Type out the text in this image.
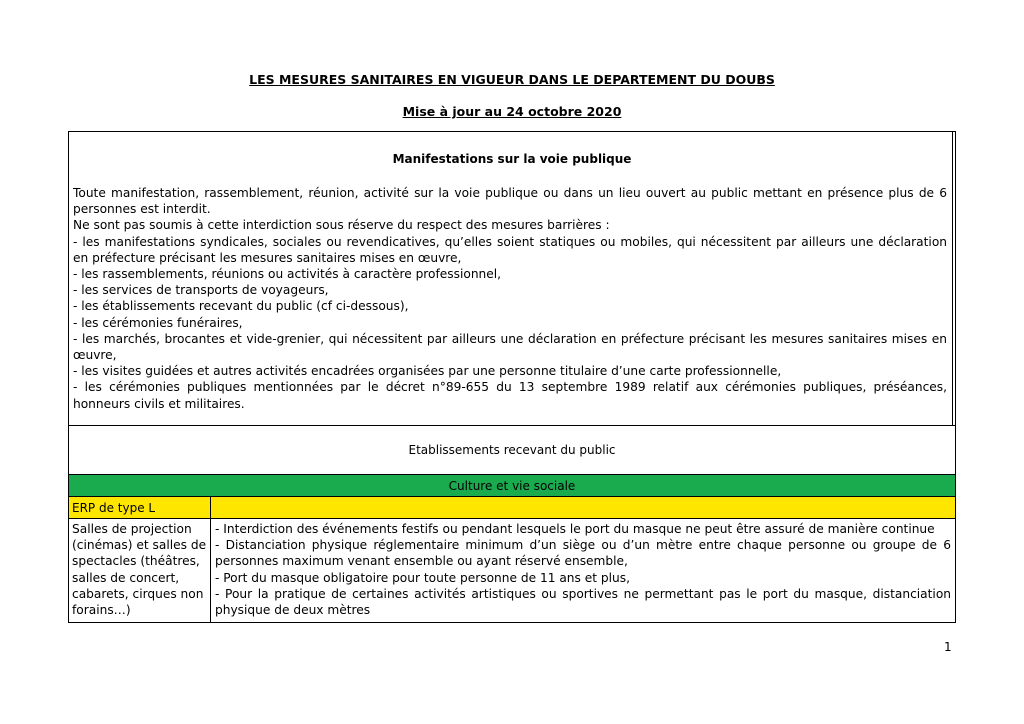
LES MESURES SANITAIRES EN VIGUEUR DANS LE DEPARTEMENT DU DOUBS
Mise à jour au 24 octobre 2020
Manifestations sur la voie publique
Toute manifestation, rassemblement, réunion, activité sur la voie publique ou dans un lieu ouvert au public mettant en présence plus de 6 personnes est interdit.
Ne sont pas soumis à cette interdiction sous réserve du respect des mesures barrières :
- les manifestations syndicales, sociales ou revendicatives, qu’elles soient statiques ou mobiles, qui nécessitent par ailleurs une déclaration en préfecture précisant les mesures sanitaires mises en œuvre,
- les rassemblements, réunions ou activités à caractère professionnel,
- les services de transports de voyageurs,
- les établissements recevant du public (cf ci-dessous),
- les cérémonies funéraires,
- les marchés, brocantes et vide-grenier, qui nécessitent par ailleurs une déclaration en préfecture précisant les mesures sanitaires mises en œuvre,
- les visites guidées et autres activités encadrées organisées par une personne titulaire d’une carte professionnelle,
- les cérémonies publiques mentionnées par le décret n°89-655 du 13 septembre 1989 relatif aux cérémonies publiques, préséances, honneurs civils et militaires.
Etablissements recevant du public
Culture et vie sociale
ERP de type L
Salles de projection (cinémas) et salles de spectacles (théâtres, salles de concert, cabarets, cirques non forains…)
- Interdiction des événements festifs ou pendant lesquels le port du masque ne peut être assuré de manière continue
- Distanciation physique réglementaire minimum d’un siège ou d’un mètre entre chaque personne ou groupe de 6 personnes maximum venant ensemble ou ayant réservé ensemble,
- Port du masque obligatoire pour toute personne de 11 ans et plus,
- Pour la pratique de certaines activités artistiques ou sportives ne permettant pas le port du masque, distanciation physique de deux mètres
1
